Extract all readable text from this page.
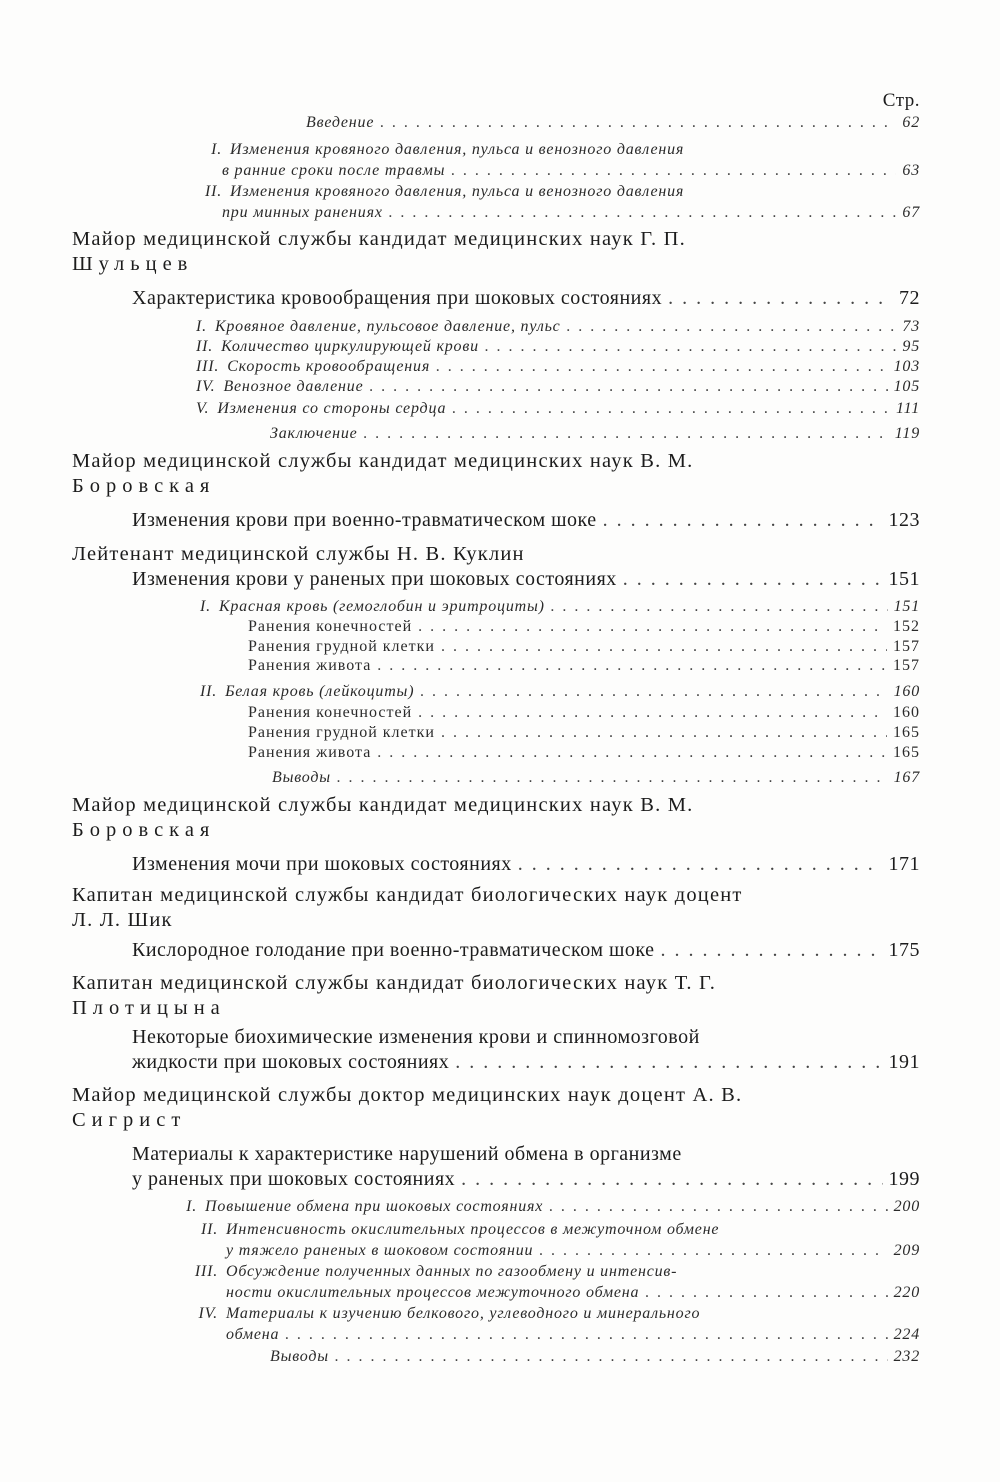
Стр.
Введение . . .	62
I. Изменения кровяного давления, пульса и венозного давления
в ранние сроки после травмы . . .	63
II. Изменения кровяного давления, пульса и венозного давления
при минных ранениях . . .	67
Майор медицинской службы кандидат медицинских наук Г. П.
Шульцев
Характеристика кровообращения при шоковых состояниях . . .	72
I. Кровяное давление, пульсовое давление, пульс . . .	73
II. Количество циркулирующей крови . . .	95
III. Скорость кровообращения . . .	103
IV. Венозное давление . . .	105
V. Изменения со стороны сердца . . .	111
Заключение . . .	119
Майор медицинской службы кандидат медицинских наук В. М.
Боровская
Изменения крови при военно-травматическом шоке . . .	123
Лейтенант медицинской службы Н. В. Куклин
Изменения крови у раненых при шоковых состояниях . . .	151
I. Красная кровь (гемоглобин и эритроциты) . . .	151
Ранения конечностей . . .	152
Ранения грудной клетки . . .	157
Ранения живота . . .	157
II. Белая кровь (лейкоциты) . . .	160
Ранения конечностей . . .	160
Ранения грудной клетки . . .	165
Ранения живота . . .	165
Выводы . . .	167
Майор медицинской службы кандидат медицинских наук В. М.
Боровская
Изменения мочи при шоковых состояниях . . .	171
Капитан медицинской службы кандидат биологических наук доцент
Л. Л. Шик
Кислородное голодание при военно-травматическом шоке . . .	175
Капитан медицинской службы кандидат биологических наук Т. Г.
Плотицына
Некоторые биохимические изменения крови и спинномозговой
жидкости при шоковых состояниях . . .	191
Майор медицинской службы доктор медицинских наук доцент А. В.
Сигрист
Материалы к характеристике нарушений обмена в организме
у раненых при шоковых состояниях . . .	199
I. Повышение обмена при шоковых состояниях . . .	200
II. Интенсивность окислительных процессов в межуточном обмене
у тяжело раненых в шоковом состоянии . . .	209
III. Обсуждение полученных данных по газообмену и интенсив-
ности окислительных процессов межуточного обмена . . .	220
IV. Материалы к изучению белкового, углеводного и минерального
обмена . . .	224
Выводы . . .	232
